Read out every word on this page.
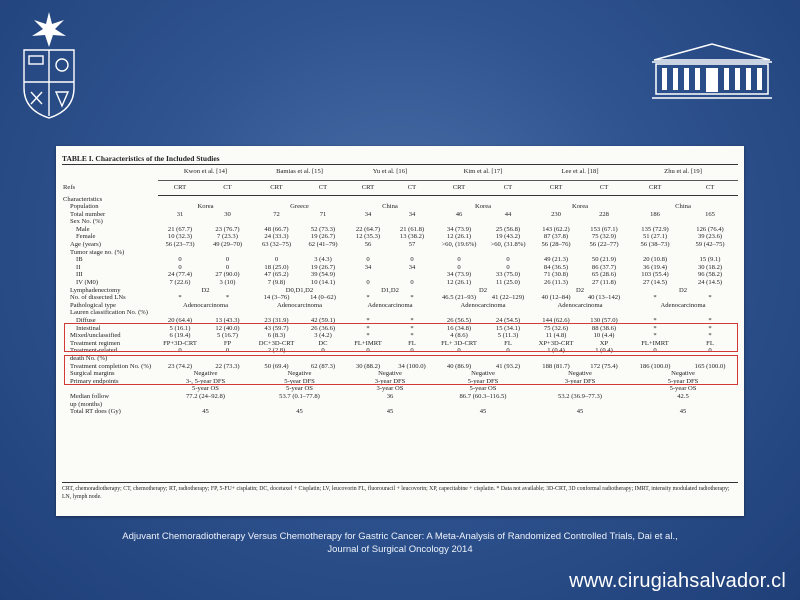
TABLE I. Characteristics of the Included Studies
	Kwon et al. [14]		Bamias et al. [15]		Yu et al. [16]		Kim et al. [17]		Lee et al. [18]		Zhu et al. [19]	
Refs	CRT	CT	CRT	CT	CRT	CT	CRT	CT	CRT	CT	CRT	CT
Characteristics												
Population	Korea		Greece		China		Korea		Korea		China	
Total number	31	30	72	71	34	34	46	44	230	228	186	165
Sex No. (%)												
Male	21 (67.7)	23 (76.7)	48 (66.7)	52 (73.3)	22 (64.7)	21 (61.8)	34 (73.9)	25 (56.8)	143 (62.2)	153 (67.1)	135 (72.9)	126 (76.4)
Female	10 (32.3)	7 (23.3)	24 (33.3)	19 (26.7)	12 (35.3)	13 (38.2)	12 (26.1)	19 (43.2)	87 (37.8)	75 (32.9)	51 (27.1)	39 (23.6)
Age (years)	56 (23–73)	49 (29–70)	63 (32–75)	62 (41–79)	56	57	>60, (19.6%)	>60, (31.8%)	56 (28–76)	56 (22–77)	56 (38–73)	59 (42–75)
Tumor stage no. (%)												
IB	0	0	0	3 (4.3)	0	0	0	0	49 (21.3)	50 (21.9)	20 (10.8)	15 (9.1)
II	0	0	18 (25.0)	19 (26.7)	34	34	0	0	84 (36.5)	86 (37.7)	36 (19.4)	30 (18.2)
III	24 (77.4)	27 (90.0)	47 (65.2)	39 (54.9)			34 (73.9)	33 (75.0)	71 (30.8)	65 (28.6)	103 (55.4)	96 (58.2)
IV (M0)	7 (22.6)	3 (10)	7 (9.8)	10 (14.1)	0	0	12 (26.1)	11 (25.0)	26 (11.3)	27 (11.8)	27 (14.5)	24 (14.5)
Lymphadenectomy	D2		D0,D1,D2		D1,D2		D2		D2		D2	
No. of dissected LNs	*	*	14 (3–76)	14 (0–62)	*	*	46.5 (21–93)	41 (22–129)	40 (12–84)	40 (13–142)	*	*
Pathological type	Adenocarcinoma		Adenocarcinoma		Adenocarcinoma		Adenocarcinoma		Adenocarcinoma		Adenocarcinoma	
Lauren classification No. (%)												
Diffuse	20 (64.4)	13 (43.3)	23 (31.9)	42 (59.1)	*	*	26 (56.5)	24 (54.5)	144 (62.6)	130 (57.0)	*	*
Intestinal	5 (16.1)	12 (40.0)	43 (59.7)	26 (36.6)	*	*	16 (34.8)	15 (34.1)	75 (32.6)	88 (38.6)	*	*
Mixed/unclassified	6 (19.4)	5 (16.7)	6 (8.3)	3 (4.2)	*	*	4 (8.6)	5 (11.3)	11 (4.8)	10 (4.4)	*	*
Treatment regimen	FP+3D-CRT	FP	DC+3D-CRT	DC	FL+IMRT	FL	FL+ 3D-CRT	FL	XP+3D-CRT	XP	FL+IMRT	FL
Treatment-related	0	0	2 (2.8)	0	0	0	0	0	1 (0.4)	1 (0.4)	0	0
death No. (%)												
Treatment completion No. (%)	23 (74.2)	22 (73.3)	50 (69.4)	62 (87.3)	30 (88.2)	34 (100.0)	40 (86.9)	41 (93.2)	188 (81.7)	172 (75.4)	186 (100.0)	165 (100.0)
Surgical margins	Negative		Negative		Negative		Negative		Negative		Negative	
Primary endpoints	3-, 5-year DFS		5-year DFS		3-year DFS		5-year DFS		3-year DFS		5-year DFS	
	5-year OS		5-year OS		3-year OS		5-year OS				5-year OS	
Median follow	77.2 (24–92.8)		53.7 (0.1–77.8)		36		86.7 (60.3–116.5)		53.2 (36.9–77.3)		42.5	
up (months)												
Total RT does (Gy)	45		45		45		45		45		45	
CRT, chemoradiotherapy; CT, chemotherapy; RT, radiotherapy; FP, 5-FU+ cisplatin; DC, docetaxel + Cisplatin; LV, leucovorin FL, fluorouracil + leucovorin; XP, capecitabine + cisplatin. * Data not available; 3D-CRT, 3D conformal radiotherapy; IMRT, intensity modulated radiotherapy; LN, lymph node.
Adjuvant Chemoradiotherapy Versus Chemotherapy for Gastric Cancer: A Meta-Analysis of Randomized Controlled Trials, Dai et al.,
Journal of Surgical Oncology 2014
www.cirugiahsalvador.cl
